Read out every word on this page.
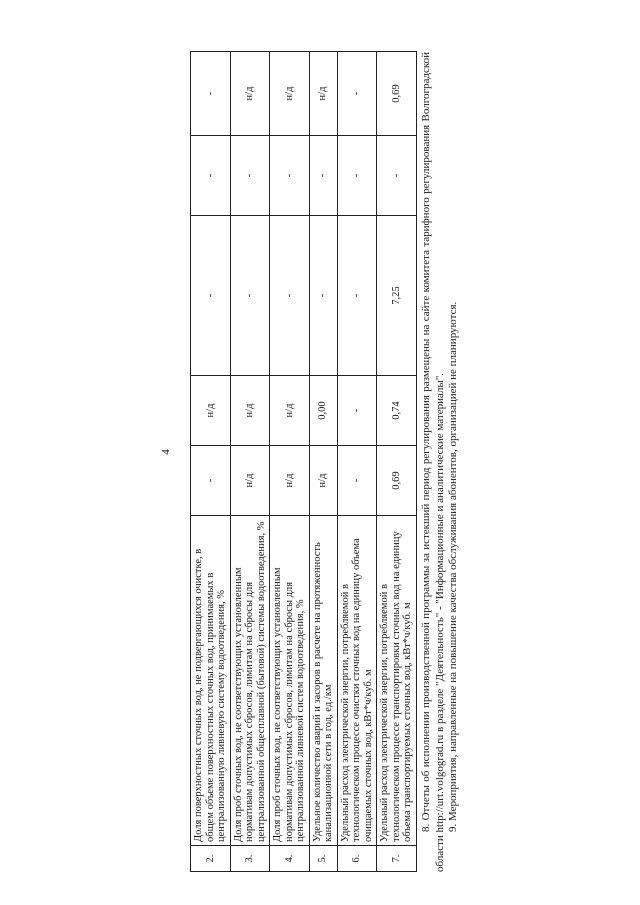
4
2.	Доля поверхностных сточных вод, не подвергающихся очистке, в общем объеме поверхностных сточных вод, принимаемых в централизованную ливневую систему водоотведения, %	-	н/д	-	-	-
3.	Доля проб сточных вод, не соответствующих установленным нормативам допустимых сбросов, лимитам на сбросы для централизованной общесплавной (бытовой) системы водоотведения, %	н/д	н/д	-	-	н/д
4.	Доля проб сточных вод, не соответствующих установленным нормативам допустимых сбросов, лимитам на сбросы для централизованной ливневой систем водоотведения, %	н/д	н/д	-	-	н/д
5.	Удельное количество аварий и засоров в расчете на протяженность канализационной сети в год, ед./км	н/д	0,00	-	-	н/д
6.	Удельный расход электрической энергии, потребляемой в технологическом процессе очистки сточных вод на единицу объема очищаемых сточных вод, кВт*ч/куб. м	-	-	-	-	-
7.	Удельный расход электрической энергии, потребляемой в технологическом процессе транспортировки сточных вод на единицу объема транспортируемых сточных вод, кВт*ч/куб. м	0,69	0,74	7,25	-	0,69 8. Отчеты об исполнении производственной программы за истекший период регулирования размещены на сайте комитета тарифного регулирования Волгоградской области http://urt.volgograd.ru в разделе "Деятельность" - "Информационные и аналитические материалы". 9. Мероприятия, направленные на повышение качества обслуживания абонентов, организацией не планируются.
